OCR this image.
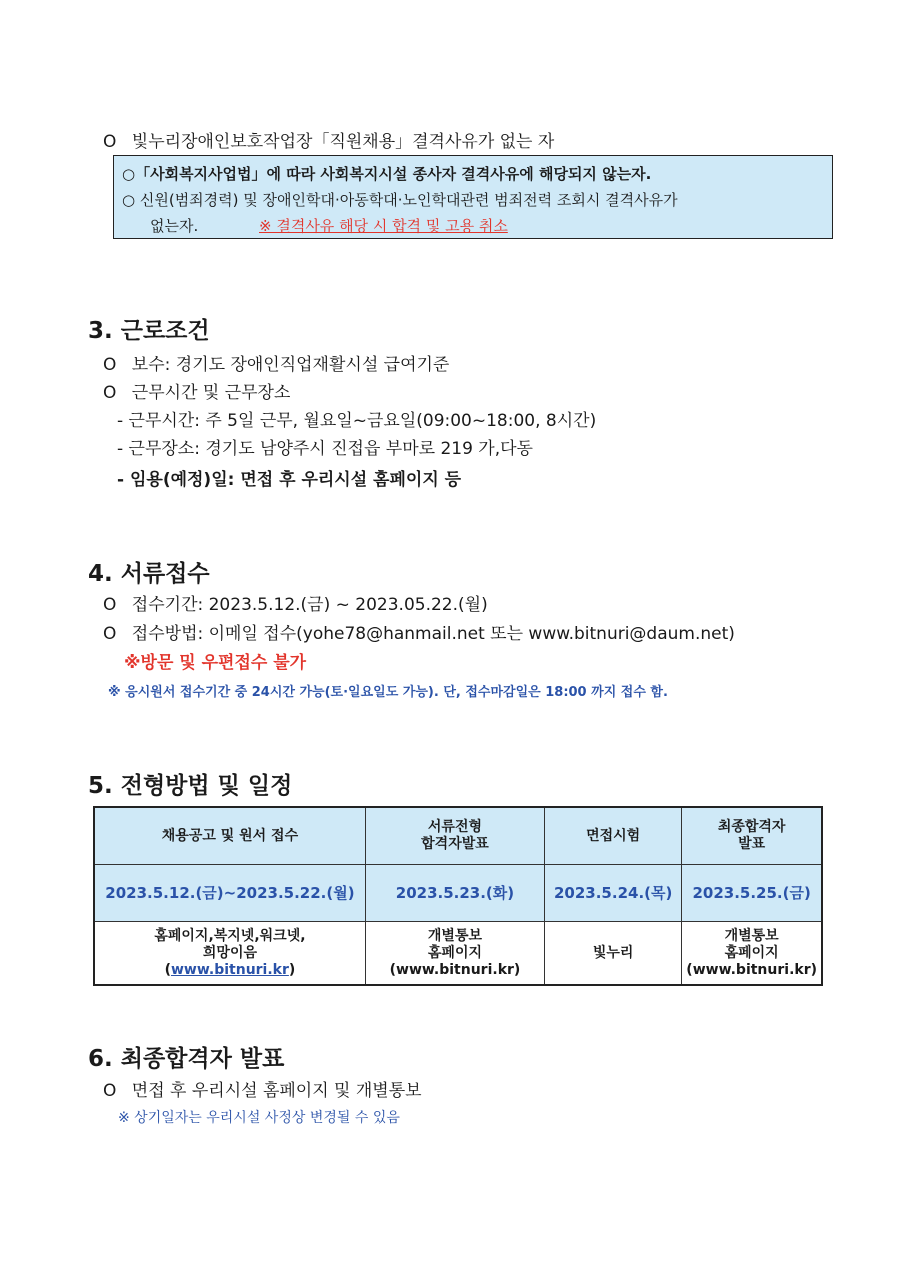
O 빛누리장애인보호작업장「직원채용」결격사유가 없는 자
○「사회복지사업법」에 따라 사회복지시설 종사자 결격사유에 해당되지 않는자.
○ 신원(범죄경력) 및 장애인학대·아동학대·노인학대관련 범죄전력 조회시 결격사유가
없는자.	※ 결격사유 해당 시 합격 및 고용 취소
3. 근로조건
O 보수: 경기도 장애인직업재활시설 급여기준
O 근무시간 및 근무장소
- 근무시간: 주 5일 근무, 월요일~금요일(09:00~18:00, 8시간)
- 근무장소: 경기도 남양주시 진접읍 부마로 219 가,다동
- 임용(예정)일: 면접 후 우리시설 홈페이지 등
4. 서류접수
O 접수기간: 2023.5.12.(금) ~ 2023.05.22.(월)
O 접수방법: 이메일 접수(yohe78@hanmail.net 또는 www.bitnuri@daum.net)
※방문 및 우편접수 불가
※ 응시원서 접수기간 중 24시간 가능(토·일요일도 가능). 단, 접수마감일은 18:00 까지 접수 함.
5. 전형방법 및 일정
채용공고 및 원서 접수	서류전형
합격자발표	면접시험	최종합격자
발표

2023.5.12.(금)~2023.5.22.(월)	2023.5.23.(화)	2023.5.24.(목)	2023.5.25.(금)

홈페이지,복지넷,워크넷,
희망이음
(www.bitnuri.kr)	개별통보
홈페이지
(www.bitnuri.kr)	빛누리	개별통보
홈페이지
(www.bitnuri.kr)
6. 최종합격자 발표
O 면접 후 우리시설 홈페이지 및 개별통보
※ 상기일자는 우리시설 사정상 변경될 수 있음
